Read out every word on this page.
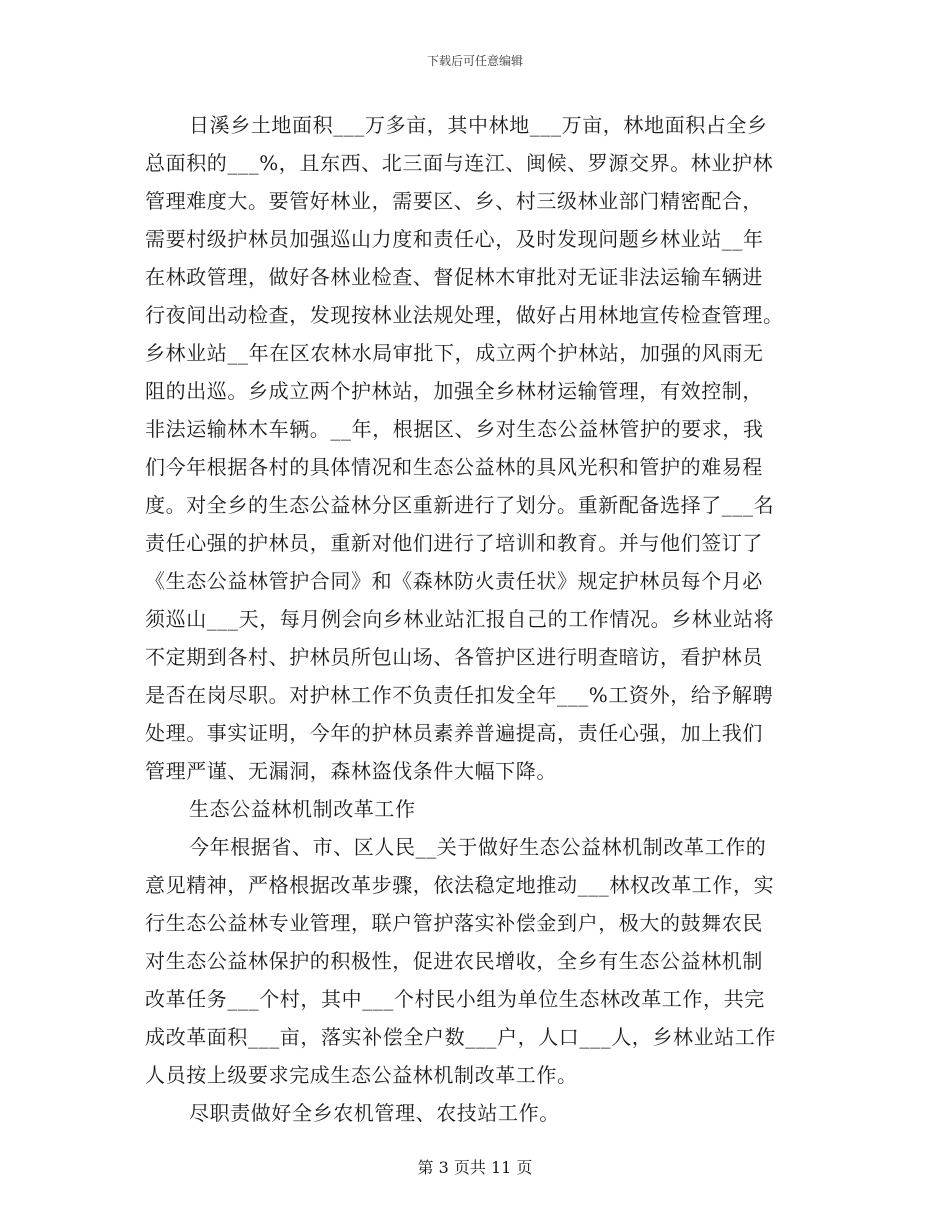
下载后可任意编辑
日溪乡土地面积___万多亩，其中林地___万亩，林地面积占全乡
总面积的___%，且东西、北三面与连江、闽候、罗源交界。林业护林
管理难度大。要管好林业，需要区、乡、村三级林业部门精密配合，
需要村级护林员加强巡山力度和责任心，及时发现问题乡林业站__年
在林政管理，做好各林业检查、督促林木审批对无证非法运输车辆进
行夜间出动检查，发现按林业法规处理，做好占用林地宣传检查管理。
乡林业站__年在区农林水局审批下，成立两个护林站，加强的风雨无
阻的出巡。乡成立两个护林站，加强全乡林材运输管理，有效控制，
非法运输林木车辆。__年，根据区、乡对生态公益林管护的要求，我
们今年根据各村的具体情况和生态公益林的具风光积和管护的难易程
度。对全乡的生态公益林分区重新进行了划分。重新配备选择了___名
责任心强的护林员，重新对他们进行了培训和教育。并与他们签订了
《生态公益林管护合同》和《森林防火责任状》规定护林员每个月必
须巡山___天，每月例会向乡林业站汇报自己的工作情况。乡林业站将
不定期到各村、护林员所包山场、各管护区进行明查暗访，看护林员
是否在岗尽职。对护林工作不负责任扣发全年___%工资外，给予解聘
处理。事实证明，今年的护林员素养普遍提高，责任心强，加上我们
管理严谨、无漏洞，森林盗伐条件大幅下降。
生态公益林机制改革工作
今年根据省、市、区人民__关于做好生态公益林机制改革工作的
意见精神，严格根据改革步骤，依法稳定地推动___林权改革工作，实
行生态公益林专业管理，联户管护落实补偿金到户，极大的鼓舞农民
对生态公益林保护的积极性，促进农民增收，全乡有生态公益林机制
改革任务___个村，其中___个村民小组为单位生态林改革工作，共完
成改革面积___亩，落实补偿全户数___户，人口___人，乡林业站工作
人员按上级要求完成生态公益林机制改革工作。
尽职责做好全乡农机管理、农技站工作。
第 3 页共 11 页
